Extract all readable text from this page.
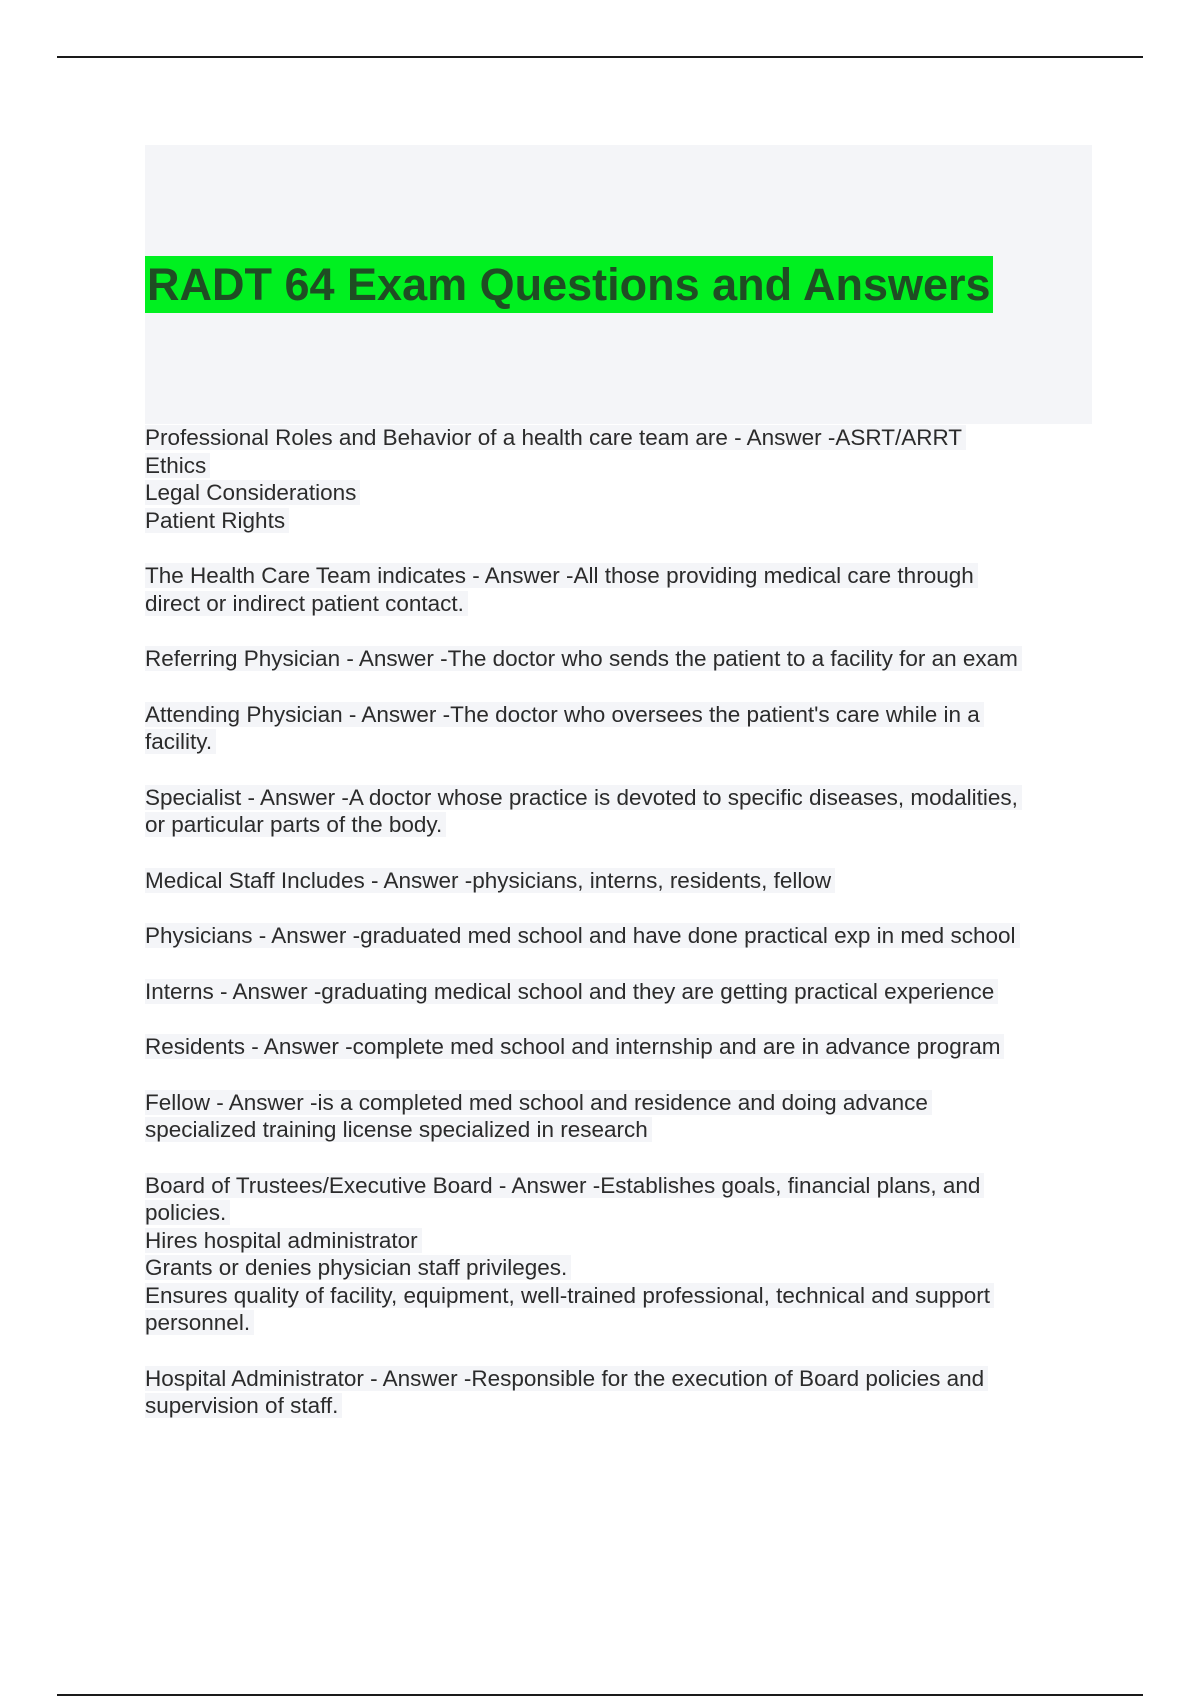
RADT 64 Exam Questions and Answers
Professional Roles and Behavior of a health care team are - Answer -ASRT/ARRT
Ethics
Legal Considerations
Patient Rights
The Health Care Team indicates - Answer -All those providing medical care through
direct or indirect patient contact.
Referring Physician - Answer -The doctor who sends the patient to a facility for an exam
Attending Physician - Answer -The doctor who oversees the patient's care while in a
facility.
Specialist - Answer -A doctor whose practice is devoted to specific diseases, modalities,
or particular parts of the body.
Medical Staff Includes - Answer -physicians, interns, residents, fellow
Physicians - Answer -graduated med school and have done practical exp in med school
Interns - Answer -graduating medical school and they are getting practical experience
Residents - Answer -complete med school and internship and are in advance program
Fellow - Answer -is a completed med school and residence and doing advance
specialized training license specialized in research
Board of Trustees/Executive Board - Answer -Establishes goals, financial plans, and
policies.
Hires hospital administrator
Grants or denies physician staff privileges.
Ensures quality of facility, equipment, well-trained professional, technical and support
personnel.
Hospital Administrator - Answer -Responsible for the execution of Board policies and
supervision of staff.
